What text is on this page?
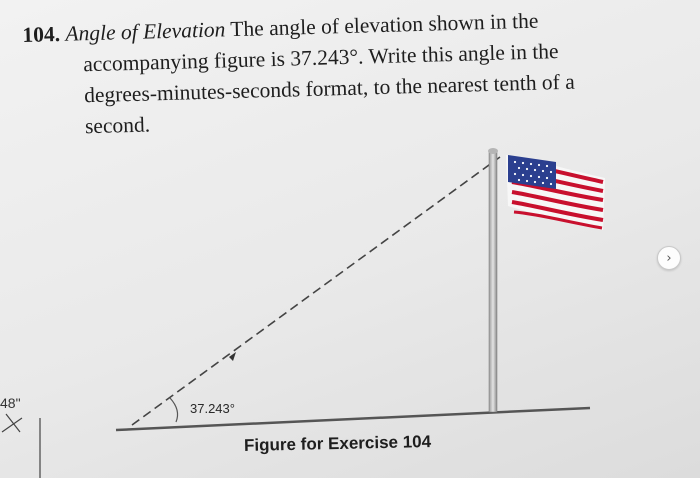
104. Angle of Elevation The angle of elevation shown in the
accompanying figure is 37.243°. Write this angle in the
degrees-minutes-seconds format, to the nearest tenth of a
second.
37.243°
Figure for Exercise 104
48"
›
